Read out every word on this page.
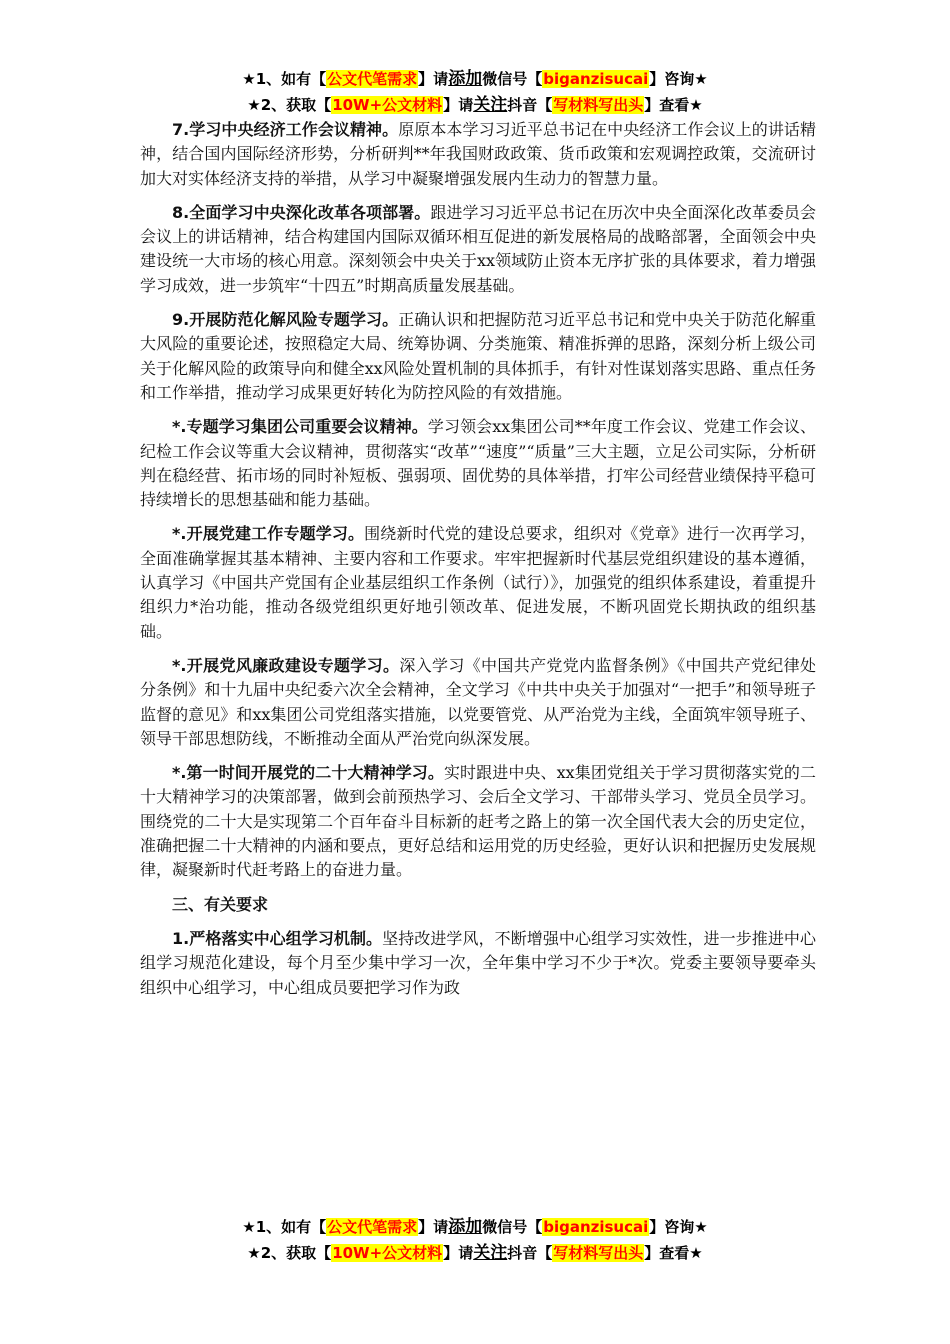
★1、如有【公文代笔需求】请添加微信号【biganzisucai】咨询★
★2、获取【10W+公文材料】请关注抖音【写材料写出头】查看★

7.学习中央经济工作会议精神。原原本本学习习近平总书记在中央经济工作会议上的讲话精神，结合国内国际经济形势，分析研判**年我国财政政策、货币政策和宏观调控政策，交流研讨加大对实体经济支持的举措，从学习中凝聚增强发展内生动力的智慧力量。

8.全面学习中央深化改革各项部署。跟进学习习近平总书记在历次中央全面深化改革委员会会议上的讲话精神，结合构建国内国际双循环相互促进的新发展格局的战略部署，全面领会中央建设统一大市场的核心用意。深刻领会中央关于xx领域防止资本无序扩张的具体要求，着力增强学习成效，进一步筑牢“十四五”时期高质量发展基础。

9.开展防范化解风险专题学习。正确认识和把握防范习近平总书记和党中央关于防范化解重大风险的重要论述，按照稳定大局、统筹协调、分类施策、精准拆弹的思路，深刻分析上级公司关于化解风险的政策导向和健全xx风险处置机制的具体抓手，有针对性谋划落实思路、重点任务和工作举措，推动学习成果更好转化为防控风险的有效措施。

*.专题学习集团公司重要会议精神。学习领会xx集团公司**年度工作会议、党建工作会议、纪检工作会议等重大会议精神，贯彻落实“改革”“速度”“质量”三大主题，立足公司实际，分析研判在稳经营、拓市场的同时补短板、强弱项、固优势的具体举措，打牢公司经营业绩保持平稳可持续增长的思想基础和能力基础。

*.开展党建工作专题学习。围绕新时代党的建设总要求，组织对《党章》进行一次再学习，全面准确掌握其基本精神、主要内容和工作要求。牢牢把握新时代基层党组织建设的基本遵循，认真学习《中国共产党国有企业基层组织工作条例（试行）》，加强党的组织体系建设，着重提升组织力*治功能，推动各级党组织更好地引领改革、促进发展，不断巩固党长期执政的组织基础。

*.开展党风廉政建设专题学习。深入学习《中国共产党党内监督条例》《中国共产党纪律处分条例》和十九届中央纪委六次全会精神，全文学习《中共中央关于加强对“一把手”和领导班子监督的意见》和xx集团公司党组落实措施，以党要管党、从严治党为主线，全面筑牢领导班子、领导干部思想防线，不断推动全面从严治党向纵深发展。

*.第一时间开展党的二十大精神学习。实时跟进中央、xx集团党组关于学习贯彻落实党的二十大精神学习的决策部署，做到会前预热学习、会后全文学习、干部带头学习、党员全员学习。围绕党的二十大是实现第二个百年奋斗目标新的赶考之路上的第一次全国代表大会的历史定位，准确把握二十大精神的内涵和要点，更好总结和运用党的历史经验，更好认识和把握历史发展规律，凝聚新时代赶考路上的奋进力量。

三、有关要求

1.严格落实中心组学习机制。坚持改进学风，不断增强中心组学习实效性，进一步推进中心组学习规范化建设，每个月至少集中学习一次，全年集中学习不少于*次。党委主要领导要牵头组织中心组学习，中心组成员要把学习作为政

★1、如有【公文代笔需求】请添加微信号【biganzisucai】咨询★
★2、获取【10W+公文材料】请关注抖音【写材料写出头】查看★
